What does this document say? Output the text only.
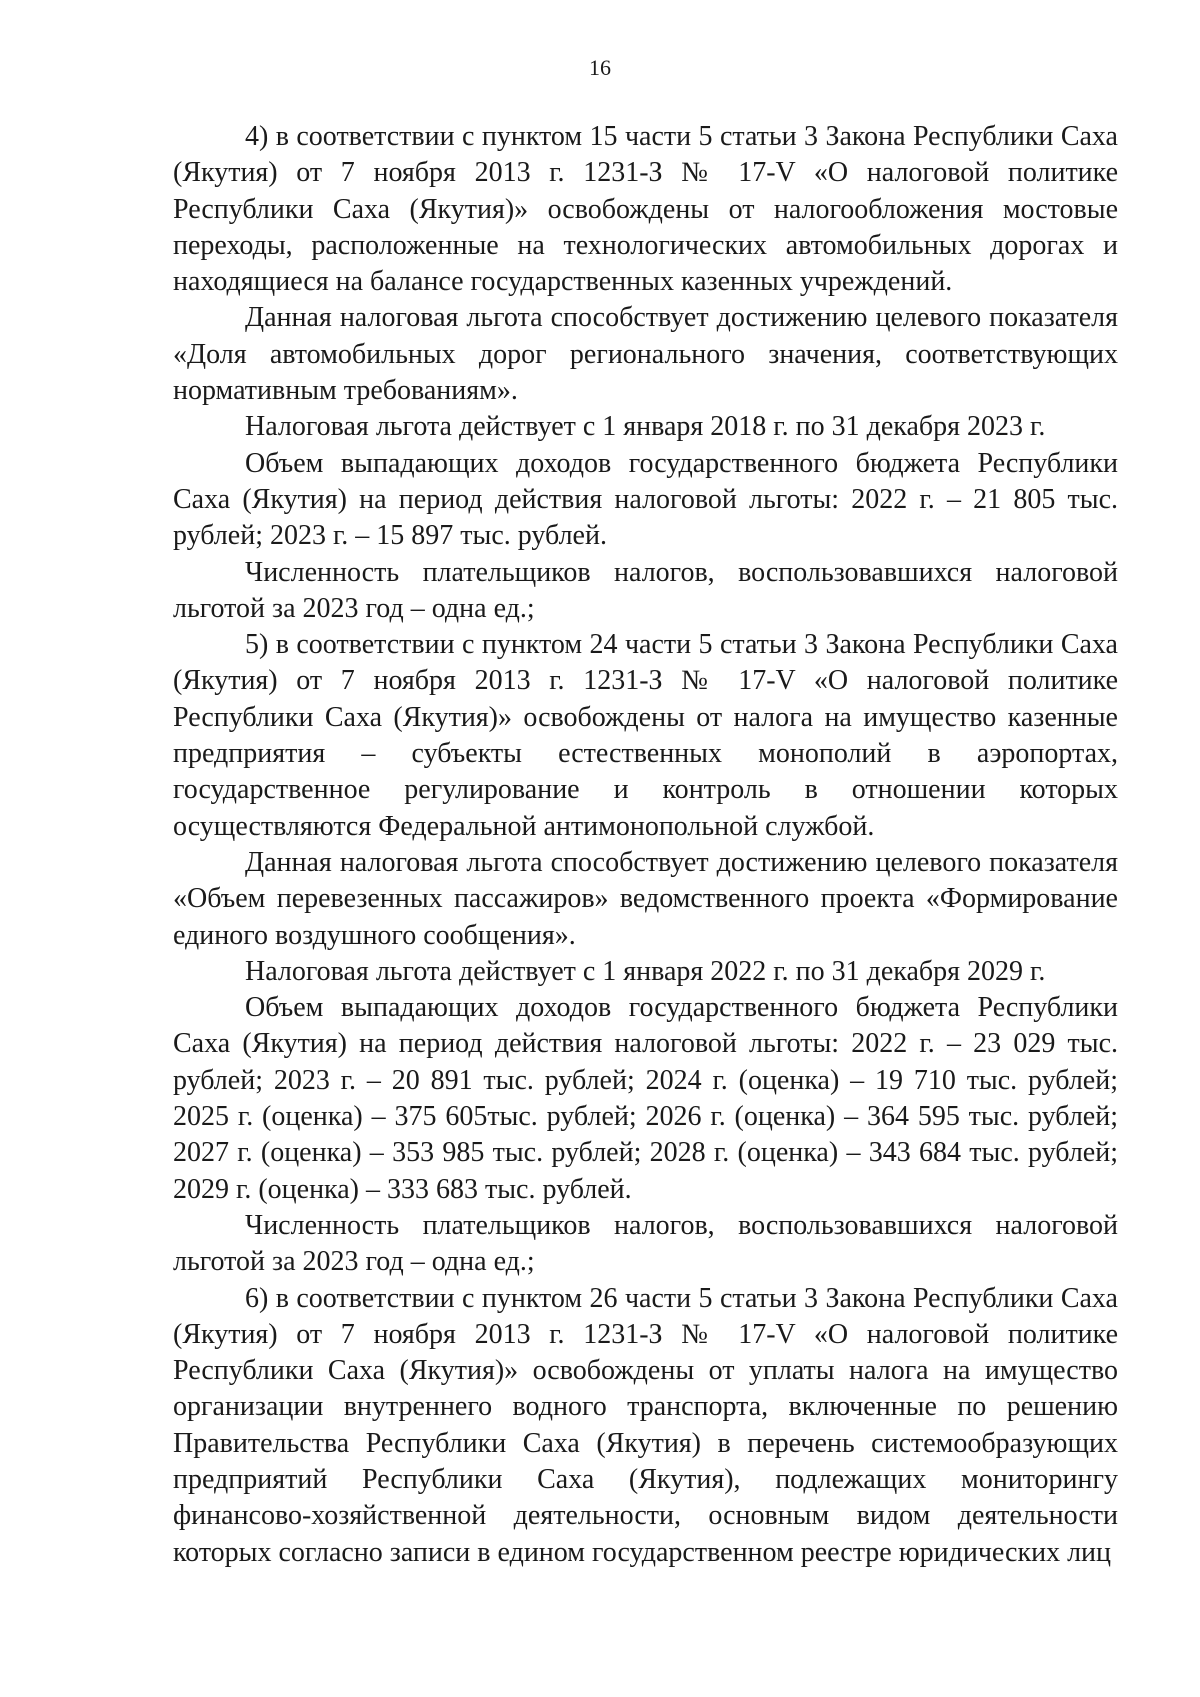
16

4) в соответствии с пунктом 15 части 5 статьи 3 Закона Республики Саха (Якутия) от 7 ноября 2013 г. 1231-З № 17-V «О налоговой политике Республики Саха (Якутия)» освобождены от налогообложения мостовые переходы, расположенные на технологических автомобильных дорогах и находящиеся на балансе государственных казенных учреждений.

Данная налоговая льгота способствует достижению целевого показателя «Доля автомобильных дорог регионального значения, соответствующих нормативным требованиям».

Налоговая льгота действует с 1 января 2018 г. по 31 декабря 2023 г.

Объем выпадающих доходов государственного бюджета Республики Саха (Якутия) на период действия налоговой льготы: 2022 г. – 21 805 тыс. рублей; 2023 г. – 15 897 тыс. рублей.

Численность плательщиков налогов, воспользовавшихся налоговой льготой за 2023 год – одна ед.;

5) в соответствии с пунктом 24 части 5 статьи 3 Закона Республики Саха (Якутия) от 7 ноября 2013 г. 1231-З № 17-V «О налоговой политике Республики Саха (Якутия)» освобождены от налога на имущество казенные предприятия – субъекты естественных монополий в аэропортах, государственное регулирование и контроль в отношении которых осуществляются Федеральной антимонопольной службой.

Данная налоговая льгота способствует достижению целевого показателя «Объем перевезенных пассажиров» ведомственного проекта «Формирование единого воздушного сообщения».

Налоговая льгота действует с 1 января 2022 г. по 31 декабря 2029 г.

Объем выпадающих доходов государственного бюджета Республики Саха (Якутия) на период действия налоговой льготы: 2022 г. – 23 029 тыс. рублей; 2023 г. – 20 891 тыс. рублей; 2024 г. (оценка) – 19 710 тыс. рублей; 2025 г. (оценка) – 375 605тыс. рублей; 2026 г. (оценка) – 364 595 тыс. рублей; 2027 г. (оценка) – 353 985 тыс. рублей; 2028 г. (оценка) – 343 684 тыс. рублей; 2029 г. (оценка) – 333 683 тыс. рублей.

Численность плательщиков налогов, воспользовавшихся налоговой льготой за 2023 год – одна ед.;

6) в соответствии с пунктом 26 части 5 статьи 3 Закона Республики Саха (Якутия) от 7 ноября 2013 г. 1231-З № 17-V «О налоговой политике Республики Саха (Якутия)» освобождены от уплаты налога на имущество организации внутреннего водного транспорта, включенные по решению Правительства Республики Саха (Якутия) в перечень системообразующих предприятий Республики Саха (Якутия), подлежащих мониторингу финансово-хозяйственной деятельности, основным видом деятельности которых согласно записи в едином государственном реестре юридических лиц
